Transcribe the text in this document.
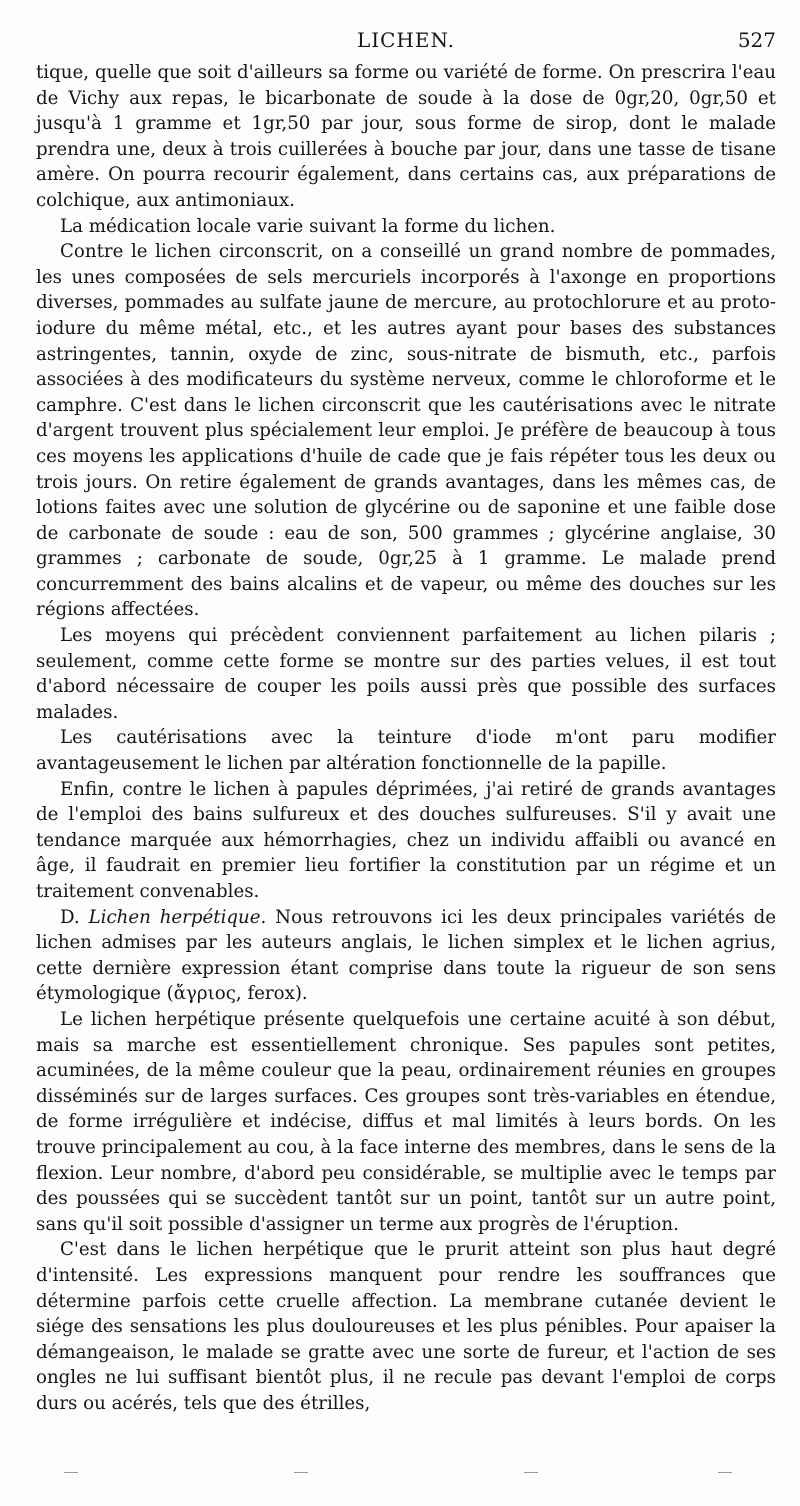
LICHEN.	527

tique, quelle que soit d'ailleurs sa forme ou variété de forme. On prescrira l'eau de Vichy aux repas, le bicarbonate de soude à la dose de 0gr,20, 0gr,50 et jusqu'à 1 gramme et 1gr,50 par jour, sous forme de sirop, dont le malade prendra une, deux à trois cuillerées à bouche par jour, dans une tasse de tisane amère. On pourra recourir également, dans certains cas, aux préparations de colchique, aux antimoniaux.

La médication locale varie suivant la forme du lichen.

Contre le lichen circonscrit, on a conseillé un grand nombre de pommades, les unes composées de sels mercuriels incorporés à l'axonge en proportions diverses, pommades au sulfate jaune de mercure, au protochlorure et au proto-iodure du même métal, etc., et les autres ayant pour bases des substances astringentes, tannin, oxyde de zinc, sous-nitrate de bismuth, etc., parfois associées à des modificateurs du système nerveux, comme le chloroforme et le camphre. C'est dans le lichen circonscrit que les cautérisations avec le nitrate d'argent trouvent plus spécialement leur emploi. Je préfère de beaucoup à tous ces moyens les applications d'huile de cade que je fais répéter tous les deux ou trois jours. On retire également de grands avantages, dans les mêmes cas, de lotions faites avec une solution de glycérine ou de saponine et une faible dose de carbonate de soude : eau de son, 500 grammes ; glycérine anglaise, 30 grammes ; carbonate de soude, 0gr,25 à 1 gramme. Le malade prend concurremment des bains alcalins et de vapeur, ou même des douches sur les régions affectées.

Les moyens qui précèdent conviennent parfaitement au lichen pilaris ; seulement, comme cette forme se montre sur des parties velues, il est tout d'abord nécessaire de couper les poils aussi près que possible des surfaces malades.

Les cautérisations avec la teinture d'iode m'ont paru modifier avantageusement le lichen par altération fonctionnelle de la papille.

Enfin, contre le lichen à papules déprimées, j'ai retiré de grands avantages de l'emploi des bains sulfureux et des douches sulfureuses. S'il y avait une tendance marquée aux hémorrhagies, chez un individu affaibli ou avancé en âge, il faudrait en premier lieu fortifier la constitution par un régime et un traitement convenables.

D. Lichen herpétique. Nous retrouvons ici les deux principales variétés de lichen admises par les auteurs anglais, le lichen simplex et le lichen agrius, cette dernière expression étant comprise dans toute la rigueur de son sens étymologique (ἄγριος, ferox).

Le lichen herpétique présente quelquefois une certaine acuité à son début, mais sa marche est essentiellement chronique. Ses papules sont petites, acuminées, de la même couleur que la peau, ordinairement réunies en groupes disséminés sur de larges surfaces. Ces groupes sont très-variables en étendue, de forme irrégulière et indécise, diffus et mal limités à leurs bords. On les trouve principalement au cou, à la face interne des membres, dans le sens de la flexion. Leur nombre, d'abord peu considérable, se multiplie avec le temps par des poussées qui se succèdent tantôt sur un point, tantôt sur un autre point, sans qu'il soit possible d'assigner un terme aux progrès de l'éruption.

C'est dans le lichen herpétique que le prurit atteint son plus haut degré d'intensité. Les expressions manquent pour rendre les souffrances que détermine parfois cette cruelle affection. La membrane cutanée devient le siége des sensations les plus douloureuses et les plus pénibles. Pour apaiser la démangeaison, le malade se gratte avec une sorte de fureur, et l'action de ses ongles ne lui suffisant bientôt plus, il ne recule pas devant l'emploi de corps durs ou acérés, tels que des étrilles,
